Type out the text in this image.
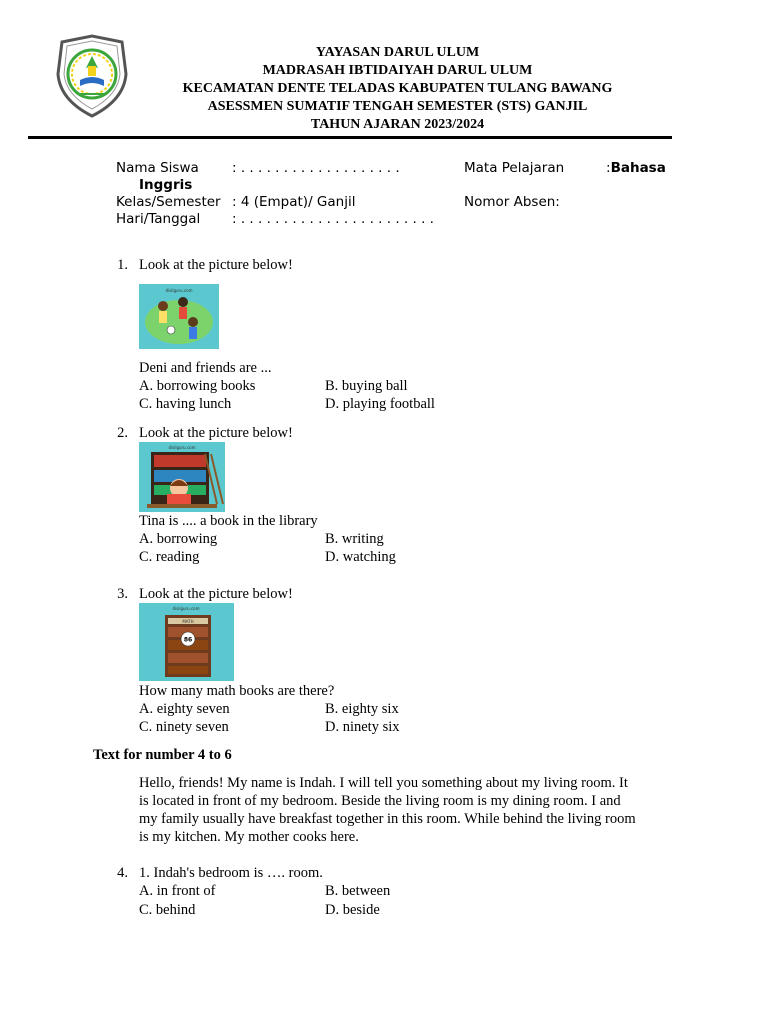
YAYASAN DARUL ULUM
MADRASAH IBTIDAIYAH DARUL ULUM
KECAMATAN DENTE TELADAS KABUPATEN TULANG BAWANG
ASESSMEN SUMATIF TENGAH SEMESTER (STS) GANJIL
TAHUN AJARAN 2023/2024
Nama Siswa : . . . . . . . . . . . . . . . . . . .	Mata Pelajaran	:Bahasa
Inggris
Kelas/Semester : 4 (Empat)/ Ganjil	Nomor Absen:
Hari/Tanggal : . . . . . . . . . . . . . . . . . . . . . . .
1. Look at the picture below!
disilguru.com
Deni and friends are ...
A. borrowing books	B. buying ball
C. having lunch	D. playing football
2. Look at the picture below!
disilguru.com
Tina is .... a book in the library
A. borrowing	B. writing
C. reading	D. watching
3. Look at the picture below!
disilguru.com
MATH
86
How many math books are there?
A. eighty seven	B. eighty six
C. ninety seven	D. ninety six
Text for number 4 to 6
Hello, friends! My name is Indah. I will tell you something about my living room. It
is located in front of my bedroom. Beside the living room is my dining room. I and
my family usually have breakfast together in this room. While behind the living room
is my kitchen. My mother cooks here.
4. 1. Indah's bedroom is …. room.
A. in front of	B. between
C. behind	D. beside
